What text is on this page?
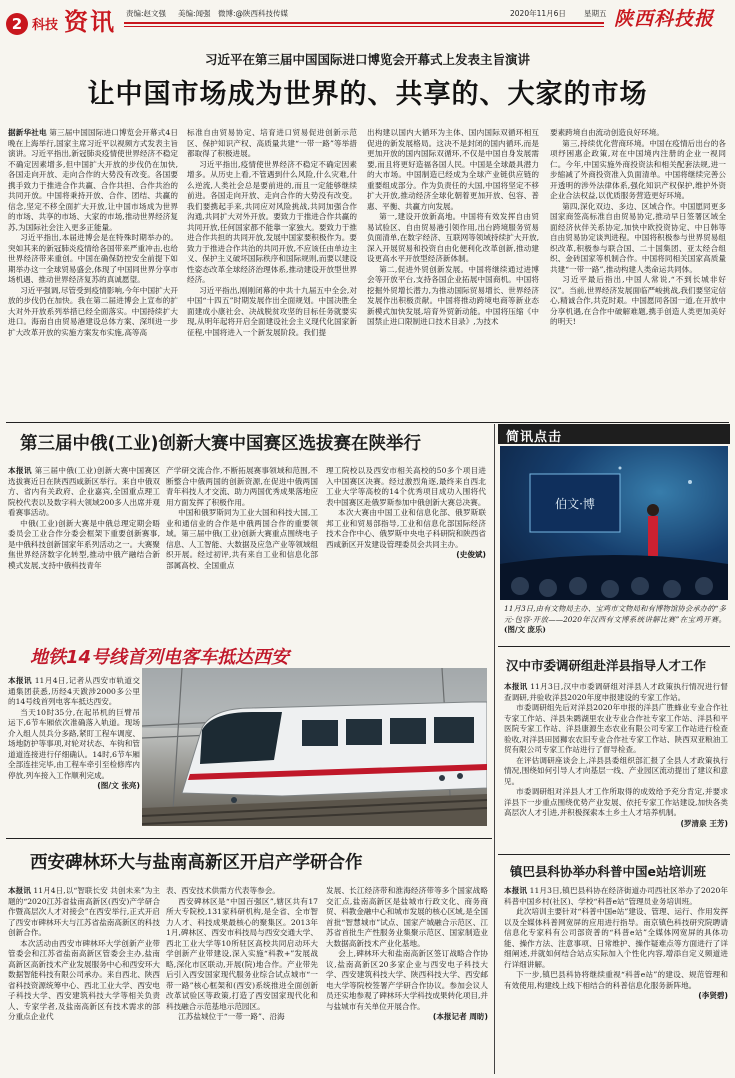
2 科技 资讯 责编:赵文强 美编:闻强 微博:@陕西科技传媒	2020年11月6日 星期五 陕西科技报
习近平在第三届中国国际进口博览会开幕式上发表主旨演讲
让中国市场成为世界的、共享的、大家的市场

据新华社电 第三届中国国际进口博览会开幕式4日晚在上海举行,国家主席习近平以视频方式发表主旨演讲。习近平指出,新冠肺炎疫情使世界经济不稳定不确定因素增多,但中国扩大开放的步伐仍在加快,各国走向开放、走向合作的大势没有改变。各国要携手致力于推进合作共赢、合作共担、合作共治的共同开放。中国将秉持开放、合作、团结、共赢的信念,坚定不移全面扩大开放,让中国市场成为世界的市场、共享的市场、大家的市场,推动世界经济复苏,为国际社会注入更多正能量。

习近平指出,本届进博会是在特殊时期举办的。突如其来的新冠肺炎疫情给各国带来严重冲击,也给世界经济带来重创。中国在确保防控安全前提下如期举办这一全球贸易盛会,体现了中国同世界分享市场机遇、推动世界经济复苏的真诚愿望。

习近平强调,尽管受到疫情影响,今年中国扩大开放的步伐仍在加快。我在第二届进博会上宣布的扩大对外开放系列举措已经全面落实。中国持续扩大进口。海南自由贸易港建设总体方案、深圳进一步扩大改革开放的实施方案发布实施,高等高

标准自由贸易协定、培育进口贸易促进创新示范区、保护知识产权、高质量共建“一带一路”等举措都取得了积极进展。

习近平指出,疫情使世界经济不稳定不确定因素增多。从历史上看,不管遇到什么风险,什么灾难,什么逆流,人类社会总是要前进的,而且一定能够继续前进。各国走向开放、走向合作的大势没有改变。我们要携起手来,共同应对风险挑战,共同加强合作沟通,共同扩大对外开放。要致力于推进合作共赢的共同开放,任何国家都不能靠一家独大。要致力于推进合作共担的共同开放,发展中国家要积极作为。要致力于推进合作共治的共同开放,不应该任由单边主义、保护主义破坏国际秩序和国际规则,而要以建设性姿态改革全球经济治理体系,推动建设开放型世界经济。

习近平指出,刚刚闭幕的中共十九届五中全会,对中国“十四五”时期发展作出全面规划。中国决胜全面建成小康社会、决战脱贫攻坚的目标任务就要实现,从明年起将开启全面建设社会主义现代化国家新征程,中国将进入一个新发展阶段。我们提

出构建以国内大循环为主体、国内国际双循环相互促进的新发展格局。这决不是封闭的国内循环,而是更加开放的国内国际双循环,不仅是中国自身发展需要,而且将更好造福各国人民。中国是全球最具潜力的大市场。中国制造已经成为全球产业链供应链的重要组成部分。作为负责任的大国,中国将坚定不移扩大开放,推动经济全球化朝着更加开放、包容、普惠、平衡、共赢方向发展。

第一,建设开放新高地。中国将有效发挥自由贸易试验区、自由贸易港引领作用,出台跨境服务贸易负面清单,在数字经济、互联网等领域持续扩大开放,深入开展贸易和投资自由化便利化改革创新,推动建设更高水平开放型经济新体制。

第二,促进外贸创新发展。中国将继续通过进博会等开放平台,支持各国企业拓展中国商机。中国将挖掘外贸增长潜力,为推动国际贸易增长、世界经济发展作出积极贡献。中国将推动跨境电商等新业态新模式加快发展,培育外贸新动能。中国将压缩《中国禁止进口限制进口技术目录》,为技术

要素跨境自由流动创造良好环境。

第三,持续优化营商环境。中国在疫情后出台的各项纾困惠企政策,对在中国境内注册的企业一视同仁。今年,中国实施外商投资法和相关配套法规,进一步缩减了外商投资准入负面清单。中国将继续完善公开透明的涉外法律体系,强化知识产权保护,维护外资企业合法权益,以优质服务营造更好环境。

第四,深化双边、多边、区域合作。中国愿同更多国家商签高标准自由贸易协定,推动早日签署区域全面经济伙伴关系协定,加快中欧投资协定、中日韩等自由贸易协定谈判进程。中国将积极参与世界贸易组织改革,积极参与联合国、二十国集团、亚太经合组织、金砖国家等机制合作。中国将同相关国家高质量共建“一带一路”,推动构建人类命运共同体。

习近平最后指出,中国人常说,“不到长城非好汉”。当前,世界经济发展面临严峻挑战,我们要坚定信心,精诚合作,共克时艰。中国愿同各国一道,在开放中分享机遇,在合作中破解难题,携手创造人类更加美好的明天!

第三届中俄(工业)创新大赛中国赛区选拔赛在陕举行

本报讯 第三届中俄(工业)创新大赛中国赛区选拔赛近日在陕西西咸新区举行。来自中俄双方、省内有关政府、企业嘉宾,全国重点理工院校代表以及数字科大领域200多人出席并观看赛事活动。

中俄(工业)创新大赛是中俄总理定期会晤委员会工业合作分委会框架下重要创新赛事,是中俄科技创新国家年系列活动之一。大赛聚焦世界经济数字化转型,推动中俄产融结合新模式发展,支持中俄科技青年

产学研交流合作,不断拓展赛事领域和范围,不断整合中俄两国的创新资源,在促进中俄两国青年科技人才交流、助力两国优秀成果落地应用方面发挥了积极作用。

中国和俄罗斯同为工业大国和科技大国,工业和通信业的合作是中俄两国合作的重要领域。第三届中俄(工业)创新大赛重点围绕电子信息、人工智能、大数据及应急产业等领域组织开展。经过初评,共有来自工业和信息化部部属高校、全国重点

理工院校以及西安市相关高校的50多个项目进入中国赛区决赛。经过激烈角逐,最终来自西北工业大学等高校的14个优秀项目成功入围将代表中国赛区赴俄罗斯参加中俄创新大赛总决赛。

本次大赛由中国工业和信息化部、俄罗斯联邦工业和贸易部指导,工业和信息化部国际经济技术合作中心、俄罗斯中央电子科研院和陕西省西咸新区开发建设管理委员会共同主办。

(史俊斌)
地铁14号线首列电客车抵达西安

本报讯 11月4日,记者从西安市轨道交通集团获悉,历经4天跋涉2000多公里的14号线首列电客车抵达西安。

当天10时35分,在起吊机的巨臂吊运下,6节车厢依次准确落入轨道。现场介入组人员兵分多路,紧盯工程车调度、场地防护等事项,对轮对状态、车钩和管道道连接进行仔细确认。14时,6节车厢全部连挂完毕,由工程车牵引至检修库内停放,列车接入工作顺利完成。

(图/文 张亮)
西安碑林环大与盐南高新区开启产学研合作

本报讯 11月4日,以“智联长安 共创未来”为主题的“2020江苏省盐南高新区(西安)产学研合作暨高层次人才对接会”在西安举行,正式开启了西安市碑林环大与江苏省盐南高新区的科技创新合作。

本次活动由西安市碑林环大学创新产业带管委会和江苏省盐南高新区管委会主办,盐南高新区高新技术产业发展服务中心和西安环大数据智能科技有限公司承办。来自西北、陕西省科技资源统筹中心、西北工业大学、西安电子科技大学、西安建筑科技大学等相关负责人、专家学者,及盐南高新区有技术需求的部分重点企业代

表、西安技术供需方代表等参会。

西安碑林区是“中国百强区”,辖区共有17所大专院校,131家科研机构,是全省、全市智力人才、科技成果最核心的聚集区。2013年1月,碑林区、西安市科技局与西安交通大学、西北工业大学等10所驻区高校共同启动环大学创新产业带建设,深入实施“科教+”发展战略,深化市区联动,开展(院)地合作。产业带先后引入西安国家现代服务业综合试点城市“一带一路”核心框架和(西安)系统推进全面创新改革试验区等政策,打造了西安国家现代化和科技融合示范基地示范园区。

江苏盐城位于“一带一路”、沿海

发展、长江经济带和淮海经济带等多个国家战略交汇点,盐南高新区是盐城市行政文化、商务商贸、科教金融中心和城市发展的核心区域,是全国首批“智慧城市”试点、国家产城融合示范区、江苏省首批生产性服务业集聚示范区、国家制造业大数据高新技术产业化基地。

会上,碑林环大和盐南高新区签订战略合作协议,盐南高新区20多家企业与西安电子科技大学、西安建筑科技大学、陕西科技大学、西安邮电大学等院校签署产学研合作协议。参加会议人员还实地参观了碑林环大学科技成果转化项目,并与盐城市有关单位开展合作。

(本报记者 周昉)
简讯点击
伯文·博
11月3日,由有文物局主办、宝鸡市文物局和有博物馆协会承办的“多元·包容·开放——2020年汉西有文博系统讲解比赛”在宝鸡开赛。(图/文 庞乐)
汉中市委调研组赴洋县指导人才工作

本报讯 11月3日,汉中市委调研组对洋县人才政策执行情况进行督查调研,并验收洋县2020年度申报建设的专家工作站。

市委调研组先后对洋县2020年申报的洋县广胜蜂业专业合作社专家工作站、洋县朱鹮湖里农业专业合作社专家工作站、洋县和平医院专家工作站、洋县康源生态农业有限公司专家工作站进行检查验收,对洋县田园狮农农旧专业合作社专家工作站、陕西双亚粮油工贸有限公司专家工作站进行了督导检查。

在评估调研座谈会上,洋县县委组织部汇报了全县人才政策执行情况,围绕如何引导人才向基层一线、产业园区流动提出了建议和意见。

市委调研组对洋县人才工作所取得的成效给予充分肯定,并要求洋县下一步重点围绕优势产业发展、依托专家工作站建设,加快各类高层次人才引进,并积极探索本土乡土人才培养机制。

(罗清泉 王芳)
镇巴县科协举办科普中国e站培训班

本报讯 11月3日,镇巴县科协在经济街道办司西社区举办了2020年科普中国乡村(社区)、学校“科普e站”管理员业务培训班。

此次培训主要针对“科普中国e站”建设、管理、运行、作用发挥以及全媒体科普网宽屏的应用进行指导。南京镇色科技研究院聘请信息化专家科有公司部资普的“科普e站”全媒体网宽屏的具体功能、操作方法、注意事项、日常维护、操作疑难点等方面进行了详细阐述,并就如何结合站点实际加入个性化内容,增添自定义频道进行详细讲解。

下一步,镇巴县科协将继续重视“科普e站”的建设、规范管理和有效使用,构建线上线下相结合的科普信息化服务新阵地。

(李贤碧)
